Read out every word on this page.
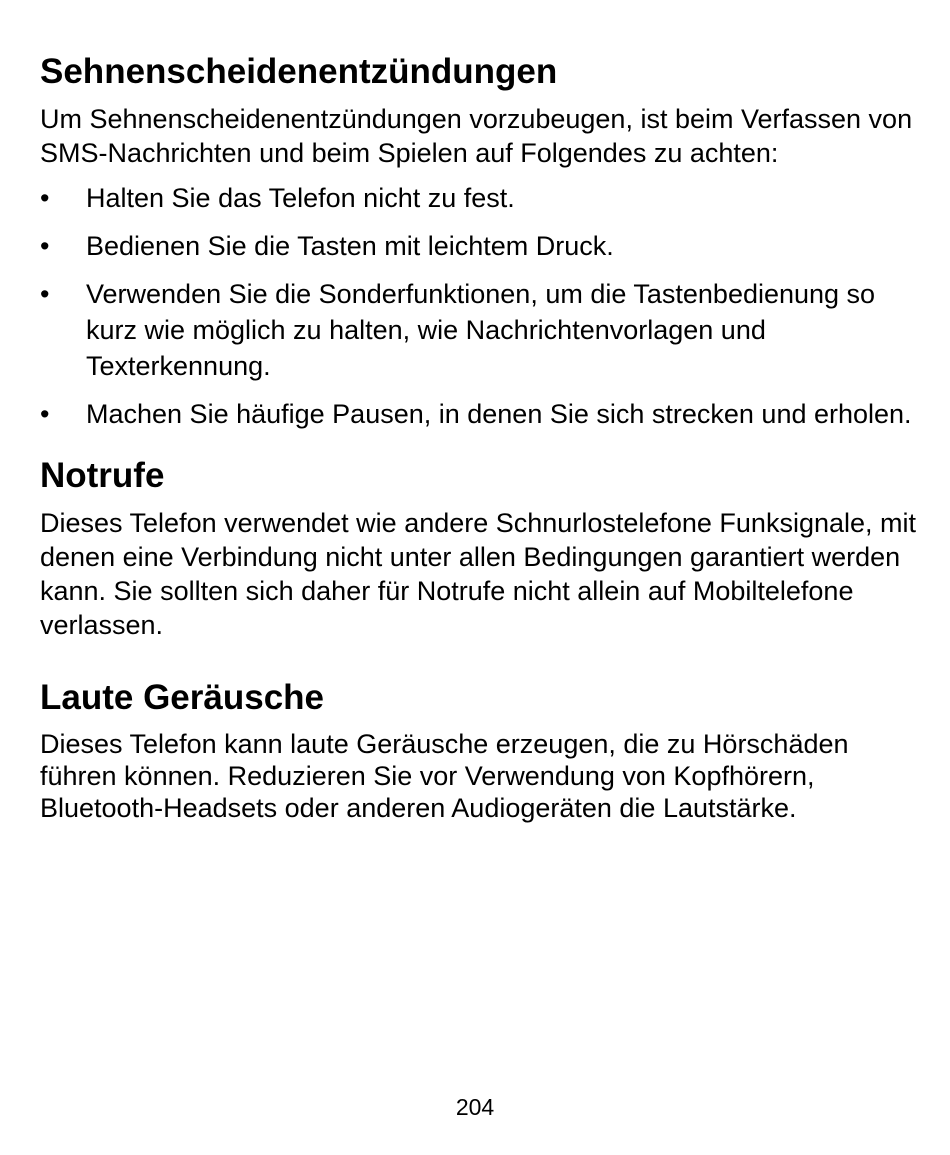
Sehnenscheidenentzündungen

Um Sehnenscheidenentzündungen vorzubeugen, ist beim Verfassen von SMS-Nachrichten und beim Spielen auf Folgendes zu achten:

•	Halten Sie das Telefon nicht zu fest.
•	Bedienen Sie die Tasten mit leichtem Druck.
•	Verwenden Sie die Sonderfunktionen, um die Tastenbedienung so kurz wie möglich zu halten, wie Nachrichtenvorlagen und Texterkennung.
•	Machen Sie häufige Pausen, in denen Sie sich strecken und erholen.
Notrufe

Dieses Telefon verwendet wie andere Schnurlostelefone Funksignale, mit denen eine Verbindung nicht unter allen Bedingungen garantiert werden kann. Sie sollten sich daher für Notrufe nicht allein auf Mobiltelefone verlassen.

Laute Geräusche

Dieses Telefon kann laute Geräusche erzeugen, die zu Hörschäden führen können. Reduzieren Sie vor Verwendung von Kopfhörern, Bluetooth-Headsets oder anderen Audiogeräten die Lautstärke.

204
